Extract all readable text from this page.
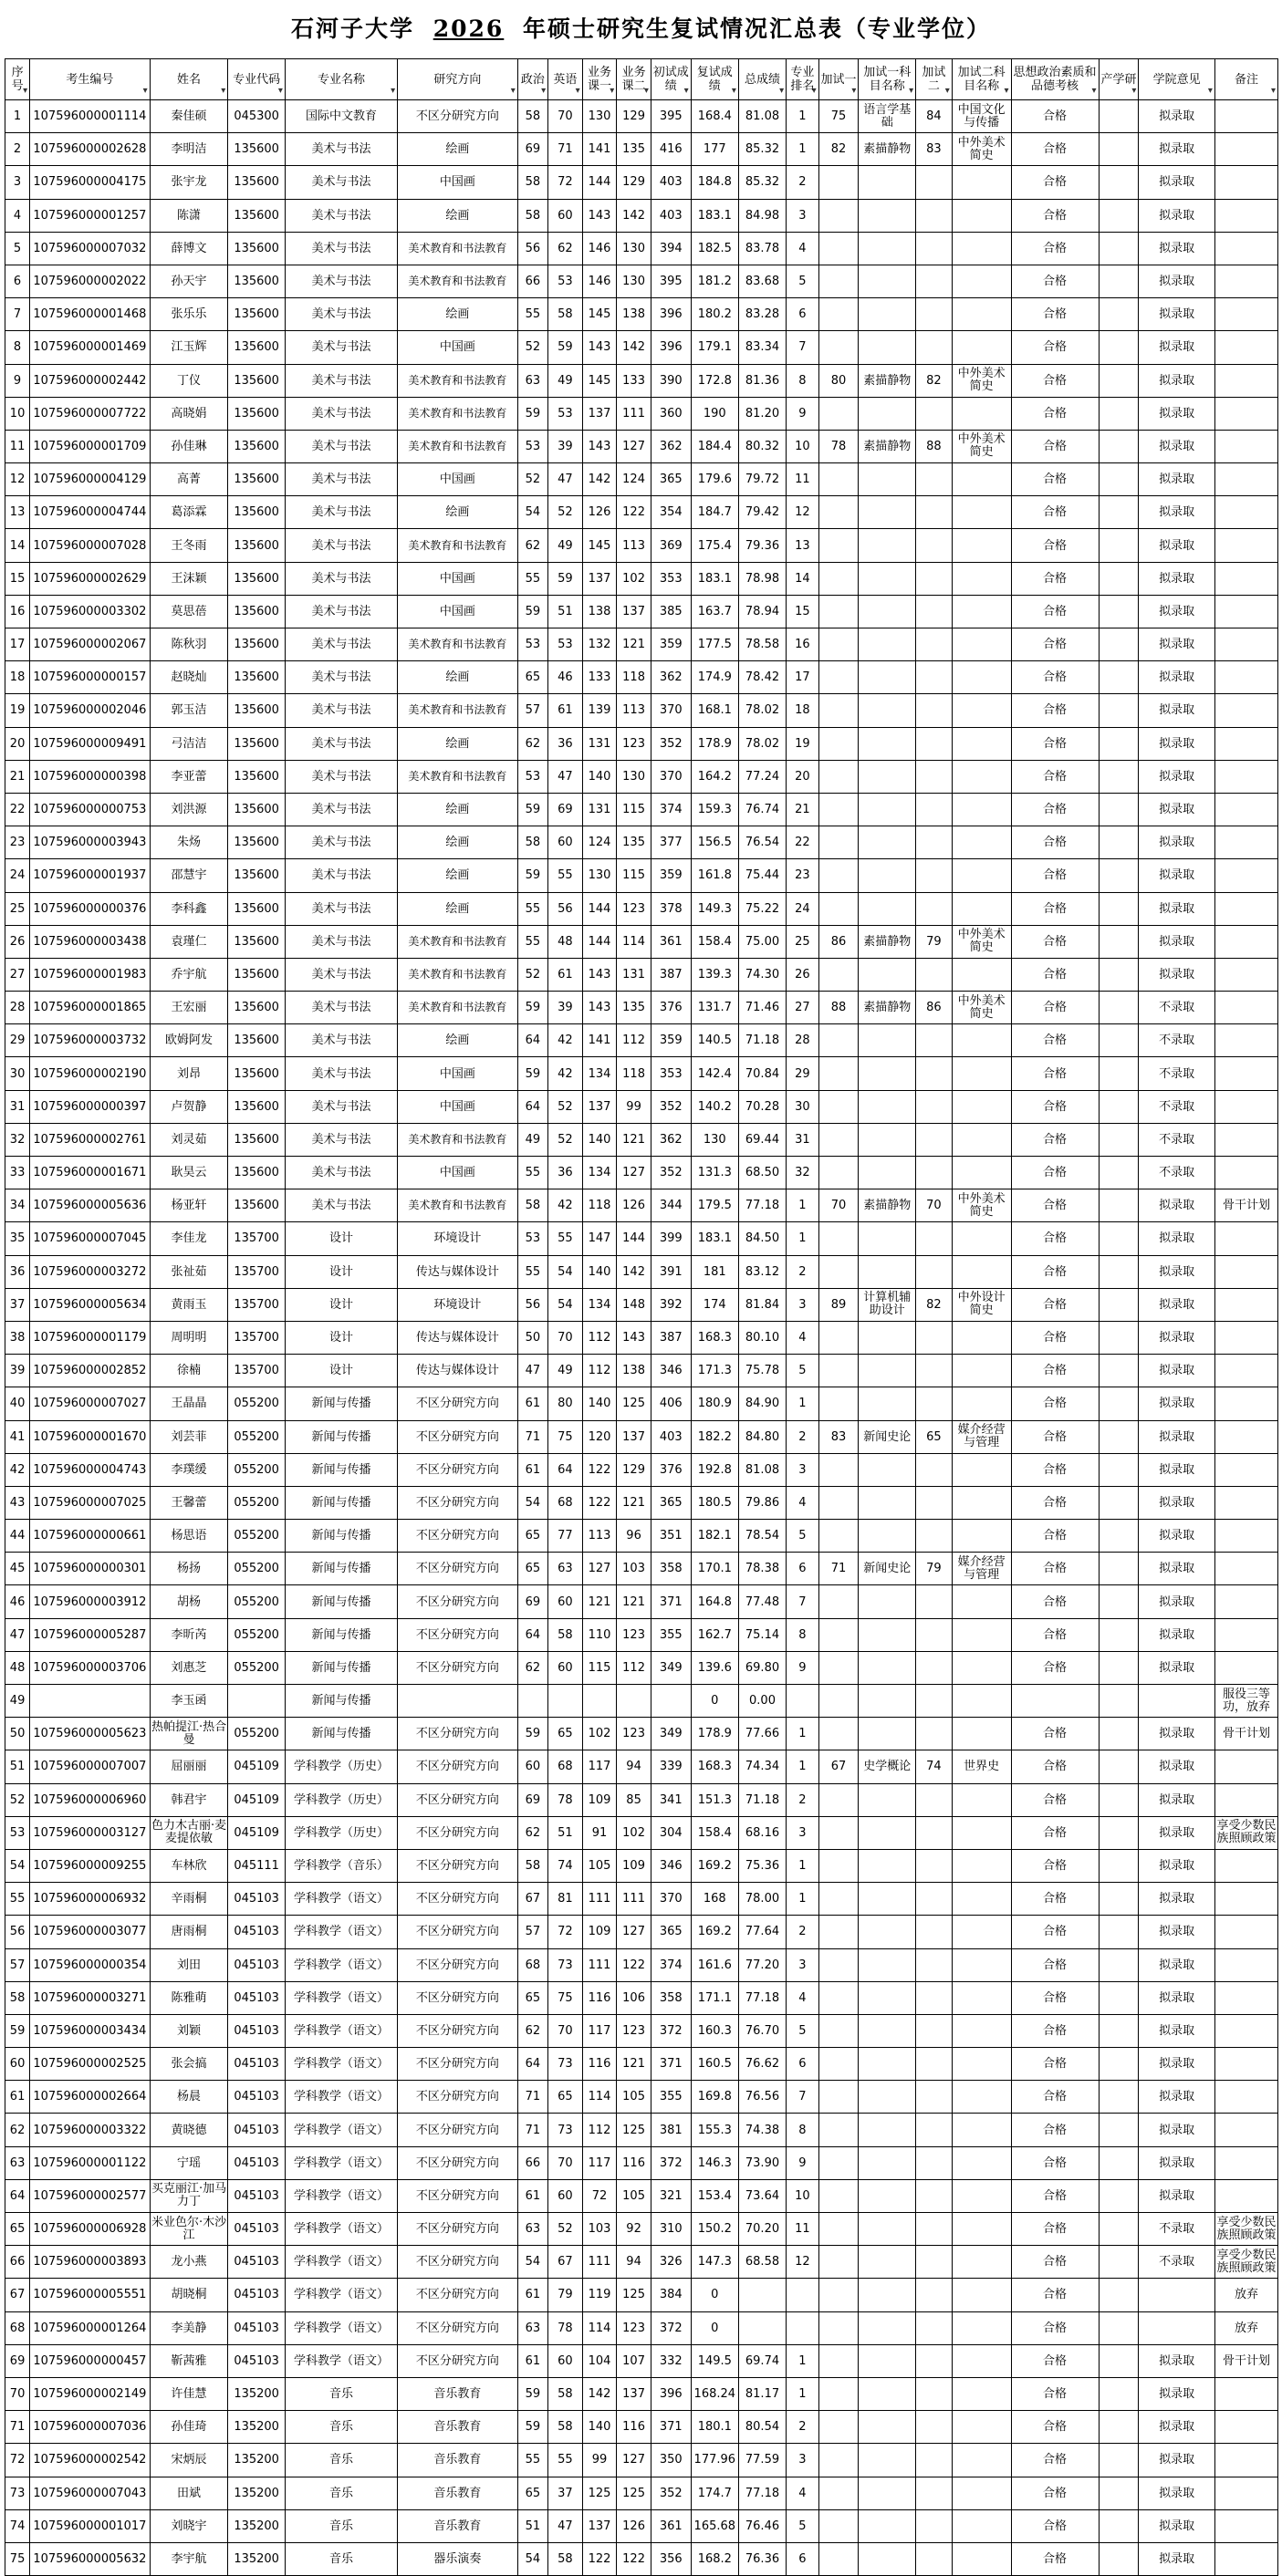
石河子大学 2026 年硕士研究生复试情况汇总表（专业学位）
序号 ▾	考生编号 ▾	姓名 ▾	专业代码 ▾	专业名称 ▾	研究方向 ▾	政治 ▾	英语 ▾	业务课一 ▾	业务课二 ▾	初试成绩 ▾	复试成绩 ▾	总成绩 ▾	专业排名 ▾	加试一 ▾	加试一科目名称 ▾	加试二 ▾	加试二科目名称 ▾	思想政治素质和品德考核 ▾	产学研 ▾	学院意见 ▾	备注 ▾
1	107596000001114	秦佳硕	045300	国际中文教育	不区分研究方向	58	70	130	129	395	168.4	81.08	1	75	语言学基础	84	中国文化与传播	合格		拟录取	
2	107596000002628	李明洁	135600	美术与书法	绘画	69	71	141	135	416	177	85.32	1	82	素描静物	83	中外美术简史	合格		拟录取	
3	107596000004175	张宇龙	135600	美术与书法	中国画	58	72	144	129	403	184.8	85.32	2					合格		拟录取	
4	107596000001257	陈潇	135600	美术与书法	绘画	58	60	143	142	403	183.1	84.98	3					合格		拟录取	
5	107596000007032	薛博文	135600	美术与书法	美术教育和书法教育	56	62	146	130	394	182.5	83.78	4					合格		拟录取	
6	107596000002022	孙天宇	135600	美术与书法	美术教育和书法教育	66	53	146	130	395	181.2	83.68	5					合格		拟录取	
7	107596000001468	张乐乐	135600	美术与书法	绘画	55	58	145	138	396	180.2	83.28	6					合格		拟录取	
8	107596000001469	江玉辉	135600	美术与书法	中国画	52	59	143	142	396	179.1	83.34	7					合格		拟录取	
9	107596000002442	丁仪	135600	美术与书法	美术教育和书法教育	63	49	145	133	390	172.8	81.36	8	80	素描静物	82	中外美术简史	合格		拟录取	
10	107596000007722	高晓娟	135600	美术与书法	美术教育和书法教育	59	53	137	111	360	190	81.20	9					合格		拟录取	
11	107596000001709	孙佳琳	135600	美术与书法	美术教育和书法教育	53	39	143	127	362	184.4	80.32	10	78	素描静物	88	中外美术简史	合格		拟录取	
12	107596000004129	高菁	135600	美术与书法	中国画	52	47	142	124	365	179.6	79.72	11					合格		拟录取	
13	107596000004744	葛添霖	135600	美术与书法	绘画	54	52	126	122	354	184.7	79.42	12					合格		拟录取	
14	107596000007028	王冬雨	135600	美术与书法	美术教育和书法教育	62	49	145	113	369	175.4	79.36	13					合格		拟录取	
15	107596000002629	王沫颖	135600	美术与书法	中国画	55	59	137	102	353	183.1	78.98	14					合格		拟录取	
16	107596000003302	莫思蓓	135600	美术与书法	中国画	59	51	138	137	385	163.7	78.94	15					合格		拟录取	
17	107596000002067	陈秋羽	135600	美术与书法	美术教育和书法教育	53	53	132	121	359	177.5	78.58	16					合格		拟录取	
18	107596000000157	赵晓灿	135600	美术与书法	绘画	65	46	133	118	362	174.9	78.42	17					合格		拟录取	
19	107596000002046	郭玉洁	135600	美术与书法	美术教育和书法教育	57	61	139	113	370	168.1	78.02	18					合格		拟录取	
20	107596000009491	弓洁洁	135600	美术与书法	绘画	62	36	131	123	352	178.9	78.02	19					合格		拟录取	
21	107596000000398	李亚蕾	135600	美术与书法	美术教育和书法教育	53	47	140	130	370	164.2	77.24	20					合格		拟录取	
22	107596000000753	刘洪源	135600	美术与书法	绘画	59	69	131	115	374	159.3	76.74	21					合格		拟录取	
23	107596000003943	朱炀	135600	美术与书法	绘画	58	60	124	135	377	156.5	76.54	22					合格		拟录取	
24	107596000001937	邵慧宇	135600	美术与书法	绘画	59	55	130	115	359	161.8	75.44	23					合格		拟录取	
25	107596000000376	李科鑫	135600	美术与书法	绘画	55	56	144	123	378	149.3	75.22	24					合格		拟录取	
26	107596000003438	袁瑾仁	135600	美术与书法	美术教育和书法教育	55	48	144	114	361	158.4	75.00	25	86	素描静物	79	中外美术简史	合格		拟录取	
27	107596000001983	乔宇航	135600	美术与书法	美术教育和书法教育	52	61	143	131	387	139.3	74.30	26					合格		拟录取	
28	107596000001865	王宏丽	135600	美术与书法	美术教育和书法教育	59	39	143	135	376	131.7	71.46	27	88	素描静物	86	中外美术简史	合格		不录取	
29	107596000003732	欧姆阿发	135600	美术与书法	绘画	64	42	141	112	359	140.5	71.18	28					合格		不录取	
30	107596000002190	刘昂	135600	美术与书法	中国画	59	42	134	118	353	142.4	70.84	29					合格		不录取	
31	107596000000397	卢贺静	135600	美术与书法	中国画	64	52	137	99	352	140.2	70.28	30					合格		不录取	
32	107596000002761	刘灵茹	135600	美术与书法	美术教育和书法教育	49	52	140	121	362	130	69.44	31					合格		不录取	
33	107596000001671	耿昊云	135600	美术与书法	中国画	55	36	134	127	352	131.3	68.50	32					合格		不录取	
34	107596000005636	杨亚轩	135600	美术与书法	美术教育和书法教育	58	42	118	126	344	179.5	77.18	1	70	素描静物	70	中外美术简史	合格		拟录取	骨干计划
35	107596000007045	李佳龙	135700	设计	环境设计	53	55	147	144	399	183.1	84.50	1					合格		拟录取	
36	107596000003272	张祉茹	135700	设计	传达与媒体设计	55	54	140	142	391	181	83.12	2					合格		拟录取	
37	107596000005634	黄雨玉	135700	设计	环境设计	56	54	134	148	392	174	81.84	3	89	计算机辅助设计	82	中外设计简史	合格		拟录取	
38	107596000001179	周明明	135700	设计	传达与媒体设计	50	70	112	143	387	168.3	80.10	4					合格		拟录取	
39	107596000002852	徐楠	135700	设计	传达与媒体设计	47	49	112	138	346	171.3	75.78	5					合格		拟录取	
40	107596000007027	王晶晶	055200	新闻与传播	不区分研究方向	61	80	140	125	406	180.9	84.90	1					合格		拟录取	
41	107596000001670	刘芸菲	055200	新闻与传播	不区分研究方向	71	75	120	137	403	182.2	84.80	2	83	新闻史论	65	媒介经营与管理	合格		拟录取	
42	107596000004743	李璞缓	055200	新闻与传播	不区分研究方向	61	64	122	129	376	192.8	81.08	3					合格		拟录取	
43	107596000007025	王馨蕾	055200	新闻与传播	不区分研究方向	54	68	122	121	365	180.5	79.86	4					合格		拟录取	
44	107596000000661	杨思语	055200	新闻与传播	不区分研究方向	65	77	113	96	351	182.1	78.54	5					合格		拟录取	
45	107596000000301	杨扬	055200	新闻与传播	不区分研究方向	65	63	127	103	358	170.1	78.38	6	71	新闻史论	79	媒介经营与管理	合格		拟录取	
46	107596000003912	胡杨	055200	新闻与传播	不区分研究方向	69	60	121	121	371	164.8	77.48	7					合格		拟录取	
47	107596000005287	李昕芮	055200	新闻与传播	不区分研究方向	64	58	110	123	355	162.7	75.14	8					合格		拟录取	
48	107596000003706	刘惠芝	055200	新闻与传播	不区分研究方向	62	60	115	112	349	139.6	69.80	9					合格		拟录取	
49		李玉函		新闻与传播							0	0.00									服役三等功，放弃
50	107596000005623	热帕提江·热合曼	055200	新闻与传播	不区分研究方向	59	65	102	123	349	178.9	77.66	1					合格		拟录取	骨干计划
51	107596000007007	屈丽丽	045109	学科教学（历史）	不区分研究方向	60	68	117	94	339	168.3	74.34	1	67	史学概论	74	世界史	合格		拟录取	
52	107596000006960	韩君宇	045109	学科教学（历史）	不区分研究方向	69	78	109	85	341	151.3	71.18	2					合格		拟录取	
53	107596000003127	色力木古丽·麦麦提依敏	045109	学科教学（历史）	不区分研究方向	62	51	91	102	304	158.4	68.16	3					合格		拟录取	享受少数民族照顾政策
54	107596000009255	车林欣	045111	学科教学（音乐）	不区分研究方向	58	74	105	109	346	169.2	75.36	1					合格		拟录取	
55	107596000006932	辛雨桐	045103	学科教学（语文）	不区分研究方向	67	81	111	111	370	168	78.00	1					合格		拟录取	
56	107596000003077	唐雨桐	045103	学科教学（语文）	不区分研究方向	57	72	109	127	365	169.2	77.64	2					合格		拟录取	
57	107596000000354	刘田	045103	学科教学（语文）	不区分研究方向	68	73	111	122	374	161.6	77.20	3					合格		拟录取	
58	107596000003271	陈雅萌	045103	学科教学（语文）	不区分研究方向	65	75	116	106	358	171.1	77.18	4					合格		拟录取	
59	107596000003434	刘颖	045103	学科教学（语文）	不区分研究方向	62	70	117	123	372	160.3	76.70	5					合格		拟录取	
60	107596000002525	张会搞	045103	学科教学（语文）	不区分研究方向	64	73	116	121	371	160.5	76.62	6					合格		拟录取	
61	107596000002664	杨晨	045103	学科教学（语文）	不区分研究方向	71	65	114	105	355	169.8	76.56	7					合格		拟录取	
62	107596000003322	黄晓德	045103	学科教学（语文）	不区分研究方向	71	73	112	125	381	155.3	74.38	8					合格		拟录取	
63	107596000001122	宁瑶	045103	学科教学（语文）	不区分研究方向	66	70	117	116	372	146.3	73.90	9					合格		拟录取	
64	107596000002577	买克丽江·加马力丁	045103	学科教学（语文）	不区分研究方向	61	60	72	105	321	153.4	73.64	10					合格		拟录取	
65	107596000006928	米业色尔·木沙江	045103	学科教学（语文）	不区分研究方向	63	52	103	92	310	150.2	70.20	11					合格		不录取	享受少数民族照顾政策
66	107596000003893	龙小燕	045103	学科教学（语文）	不区分研究方向	54	67	111	94	326	147.3	68.58	12					合格		不录取	享受少数民族照顾政策
67	107596000005551	胡晓桐	045103	学科教学（语文）	不区分研究方向	61	79	119	125	384	0							合格			放弃
68	107596000001264	李美静	045103	学科教学（语文）	不区分研究方向	63	78	114	123	372	0							合格			放弃
69	107596000000457	靳茜雅	045103	学科教学（语文）	不区分研究方向	61	60	104	107	332	149.5	69.74	1					合格		拟录取	骨干计划
70	107596000002149	许佳慧	135200	音乐	音乐教育	59	58	142	137	396	168.24	81.17	1					合格		拟录取	
71	107596000007036	孙佳琦	135200	音乐	音乐教育	59	58	140	116	371	180.1	80.54	2					合格		拟录取	
72	107596000002542	宋炳辰	135200	音乐	音乐教育	55	55	99	127	350	177.96	77.59	3					合格		拟录取	
73	107596000007043	田斌	135200	音乐	音乐教育	65	37	125	125	352	174.7	77.18	4					合格		拟录取	
74	107596000001017	刘晓宇	135200	音乐	音乐教育	51	47	137	126	361	165.68	76.46	5					合格		拟录取	
75	107596000005632	李宇航	135200	音乐	器乐演奏	54	58	122	122	356	168.2	76.36	6					合格		拟录取	
